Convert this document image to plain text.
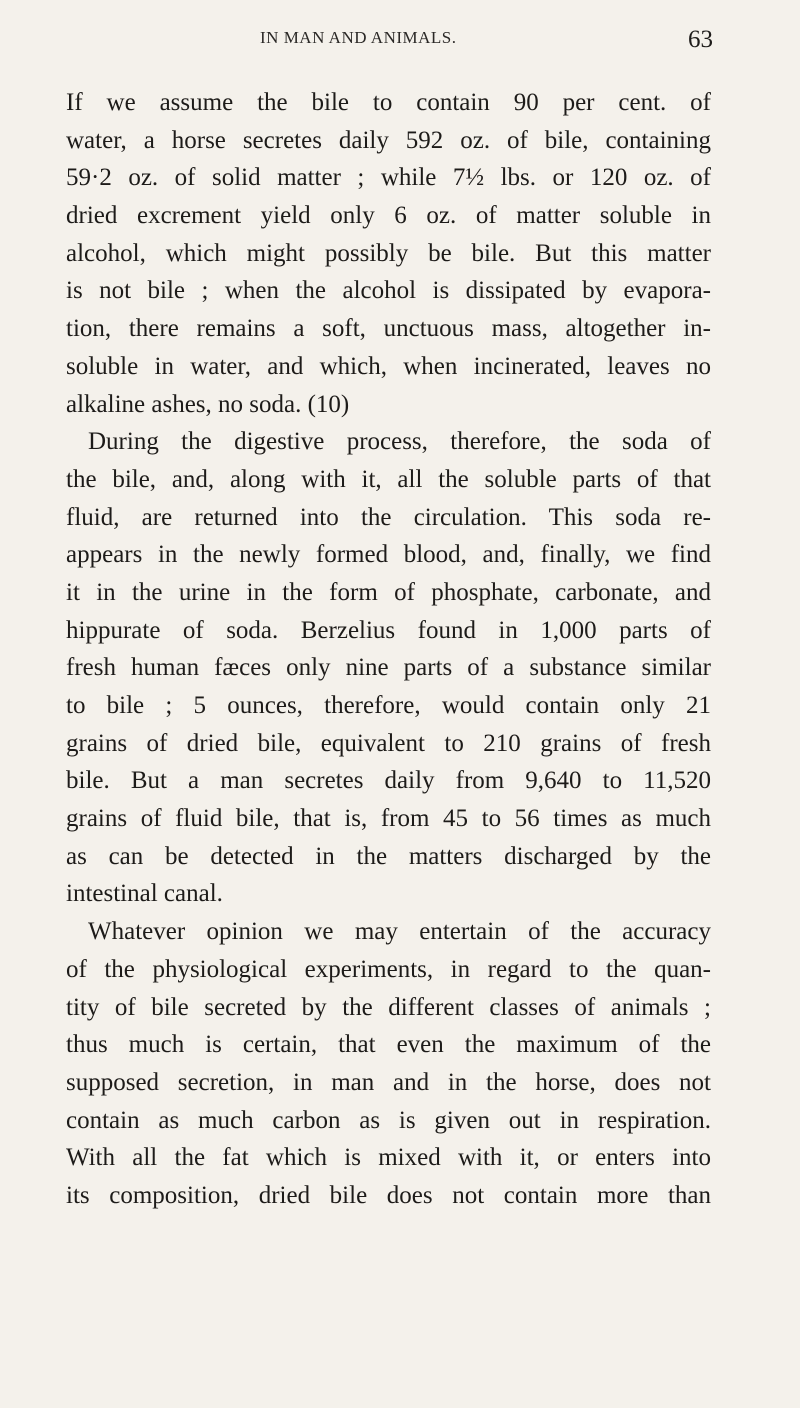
IN MAN AND ANIMALS.	63
If we assume the bile to contain 90 per cent. of
water, a horse secretes daily 592 oz. of bile, containing
59·2 oz. of solid matter ; while 7½ lbs. or 120 oz. of
dried excrement yield only 6 oz. of matter soluble in
alcohol, which might possibly be bile. But this matter
is not bile ; when the alcohol is dissipated by evapora-
tion, there remains a soft, unctuous mass, altogether in-
soluble in water, and which, when incinerated, leaves no
alkaline ashes, no soda. (10)
During the digestive process, therefore, the soda of
the bile, and, along with it, all the soluble parts of that
fluid, are returned into the circulation. This soda re-
appears in the newly formed blood, and, finally, we find
it in the urine in the form of phosphate, carbonate, and
hippurate of soda. Berzelius found in 1,000 parts of
fresh human fæces only nine parts of a substance similar
to bile ; 5 ounces, therefore, would contain only 21
grains of dried bile, equivalent to 210 grains of fresh
bile. But a man secretes daily from 9,640 to 11,520
grains of fluid bile, that is, from 45 to 56 times as much
as can be detected in the matters discharged by the
intestinal canal.
Whatever opinion we may entertain of the accuracy
of the physiological experiments, in regard to the quan-
tity of bile secreted by the different classes of animals ;
thus much is certain, that even the maximum of the
supposed secretion, in man and in the horse, does not
contain as much carbon as is given out in respiration.
With all the fat which is mixed with it, or enters into
its composition, dried bile does not contain more than
